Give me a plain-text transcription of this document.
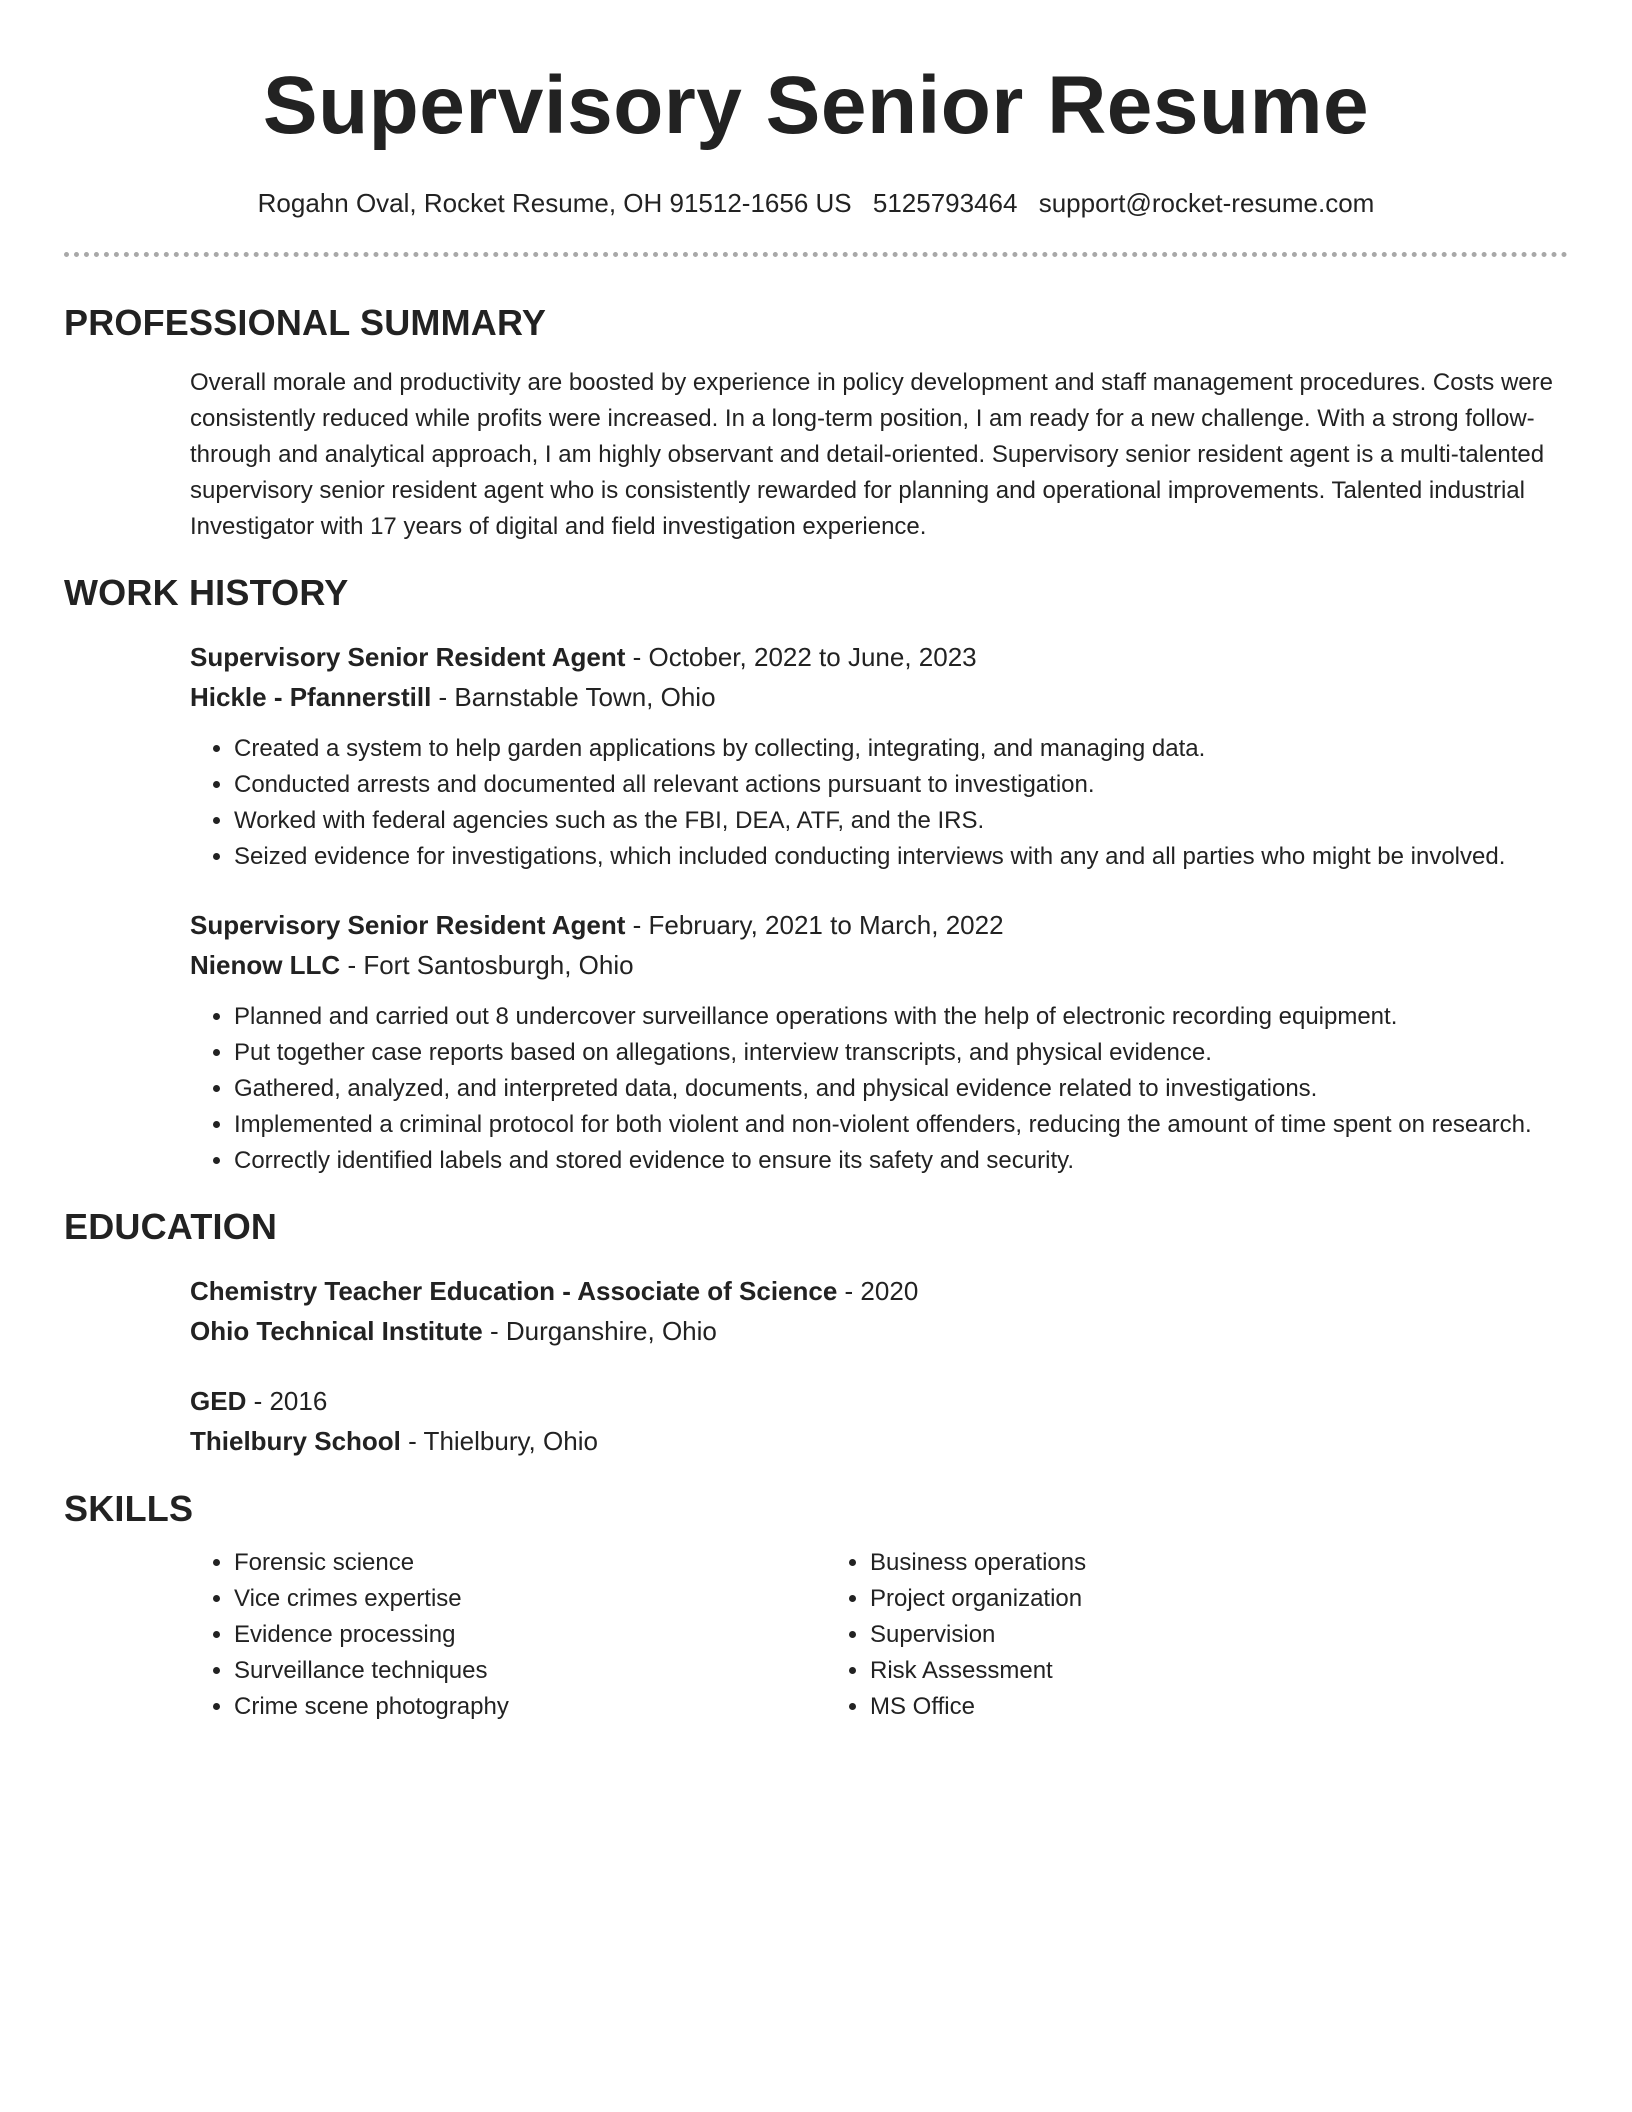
Supervisory Senior Resume
Rogahn Oval, Rocket Resume, OH 91512-1656 US 5125793464 support@rocket-resume.com
PROFESSIONAL SUMMARY

Overall morale and productivity are boosted by experience in policy development and staff management procedures. Costs were consistently reduced while profits were increased. In a long-term position, I am ready for a new challenge. With a strong follow-through and analytical approach, I am highly observant and detail-oriented. Supervisory senior resident agent is a multi-talented supervisory senior resident agent who is consistently rewarded for planning and operational improvements. Talented industrial Investigator with 17 years of digital and field investigation experience.

WORK HISTORY

Supervisory Senior Resident Agent - October, 2022 to June, 2023

Hickle - Pfannerstill - Barnstable Town, Ohio

• Created a system to help garden applications by collecting, integrating, and managing data.
• Conducted arrests and documented all relevant actions pursuant to investigation.
• Worked with federal agencies such as the FBI, DEA, ATF, and the IRS.
• Seized evidence for investigations, which included conducting interviews with any and all parties who might be involved.

Supervisory Senior Resident Agent - February, 2021 to March, 2022

Nienow LLC - Fort Santosburgh, Ohio

• Planned and carried out 8 undercover surveillance operations with the help of electronic recording equipment.
• Put together case reports based on allegations, interview transcripts, and physical evidence.
• Gathered, analyzed, and interpreted data, documents, and physical evidence related to investigations.
• Implemented a criminal protocol for both violent and non-violent offenders, reducing the amount of time spent on research.
• Correctly identified labels and stored evidence to ensure its safety and security.
EDUCATION

Chemistry Teacher Education - Associate of Science - 2020

Ohio Technical Institute - Durganshire, Ohio

GED - 2016

Thielbury School - Thielbury, Ohio

SKILLS
• Forensic science
• Vice crimes expertise
• Evidence processing
• Surveillance techniques
• Crime scene photography
• Business operations
• Project organization
• Supervision
• Risk Assessment
• MS Office
